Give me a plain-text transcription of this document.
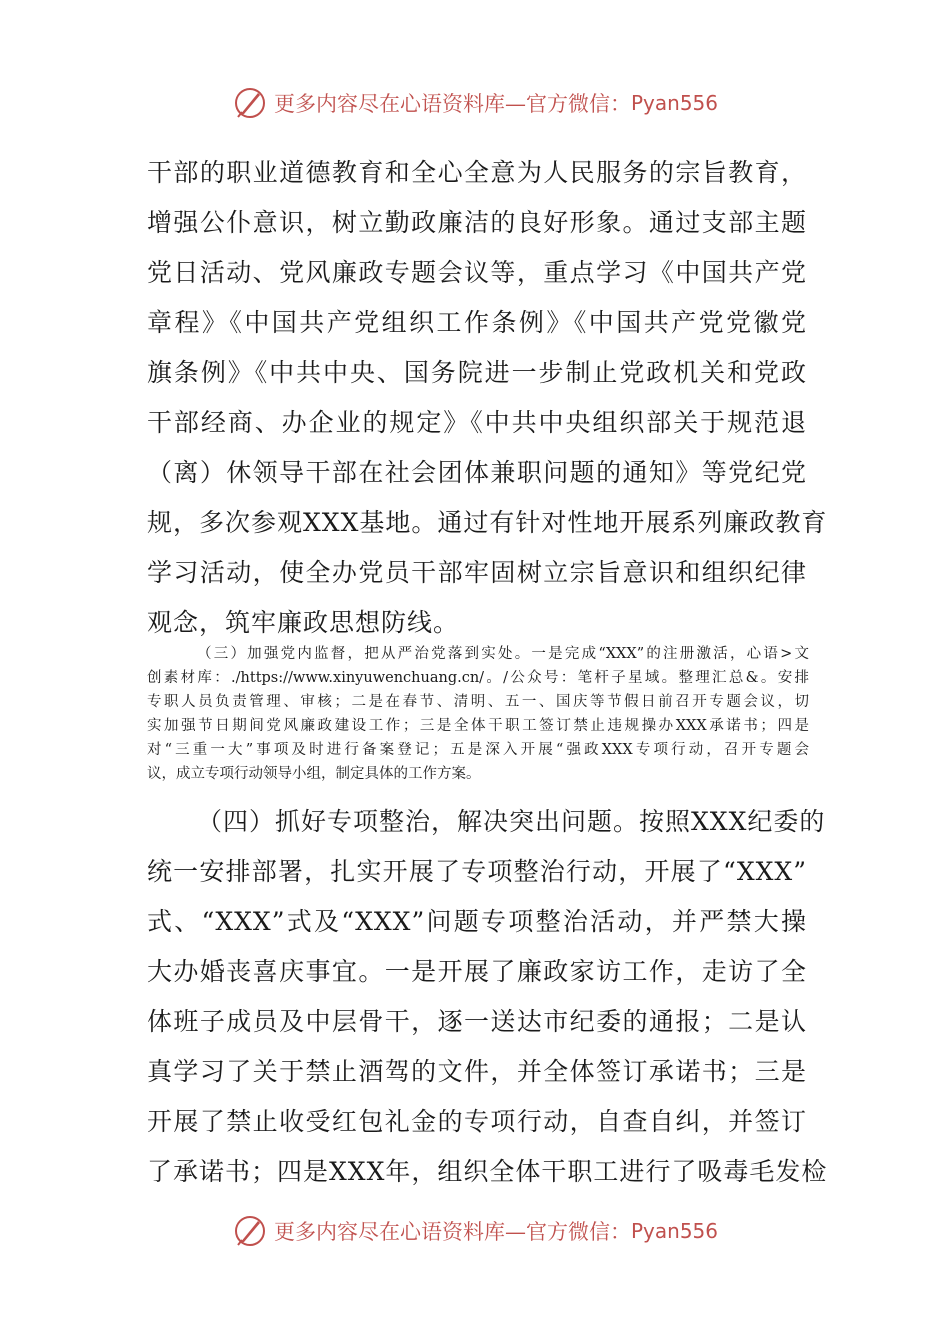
更多内容尽在心语资料库—官方微信： Pyan556
干部的职业道德教育和全心全意为人民服务的宗旨教育，
增强公仆意识，树立勤政廉洁的良好形象。通过支部主题
党日活动、党风廉政专题会议等，重点学习《中国共产党
章程》《中国共产党组织工作条例》《中国共产党党徽党
旗条例》《中共中央、国务院进一步制止党政机关和党政
干部经商、办企业的规定》《中共中央组织部关于规范退
（离）休领导干部在社会团体兼职问题的通知》等党纪党
规，多次参观XXX基地。通过有针对性地开展系列廉政教育
学习活动，使全办党员干部牢固树立宗旨意识和组织纪律
观念，筑牢廉政思想防线。
（三）加强党内监督，把从严治党落到实处。一是完成“XXX”的注册激活，心语>文
创素材库：./https://www.xinyuwenchuang.cn/。/公众号：笔杆子星域。整理汇总&。安排
专职人员负责管理、审核；二是在春节、清明、五一、国庆等节假日前召开专题会议，切
实加强节日期间党风廉政建设工作；三是全体干职工签订禁止违规操办XXX承诺书；四是
对“三重一大”事项及时进行备案登记；五是深入开展“强政XXX专项行动，召开专题会
议，成立专项行动领导小组，制定具体的工作方案。
（四）抓好专项整治，解决突出问题。按照XXX纪委的
统一安排部署，扎实开展了专项整治行动，开展了“XXX”
式、“XXX”式及“XXX”问题专项整治活动，并严禁大操
大办婚丧喜庆事宜。一是开展了廉政家访工作，走访了全
体班子成员及中层骨干，逐一送达市纪委的通报；二是认
真学习了关于禁止酒驾的文件，并全体签订承诺书；三是
开展了禁止收受红包礼金的专项行动，自查自纠，并签订
了承诺书；四是XXX年，组织全体干职工进行了吸毒毛发检
更多内容尽在心语资料库—官方微信： Pyan556
